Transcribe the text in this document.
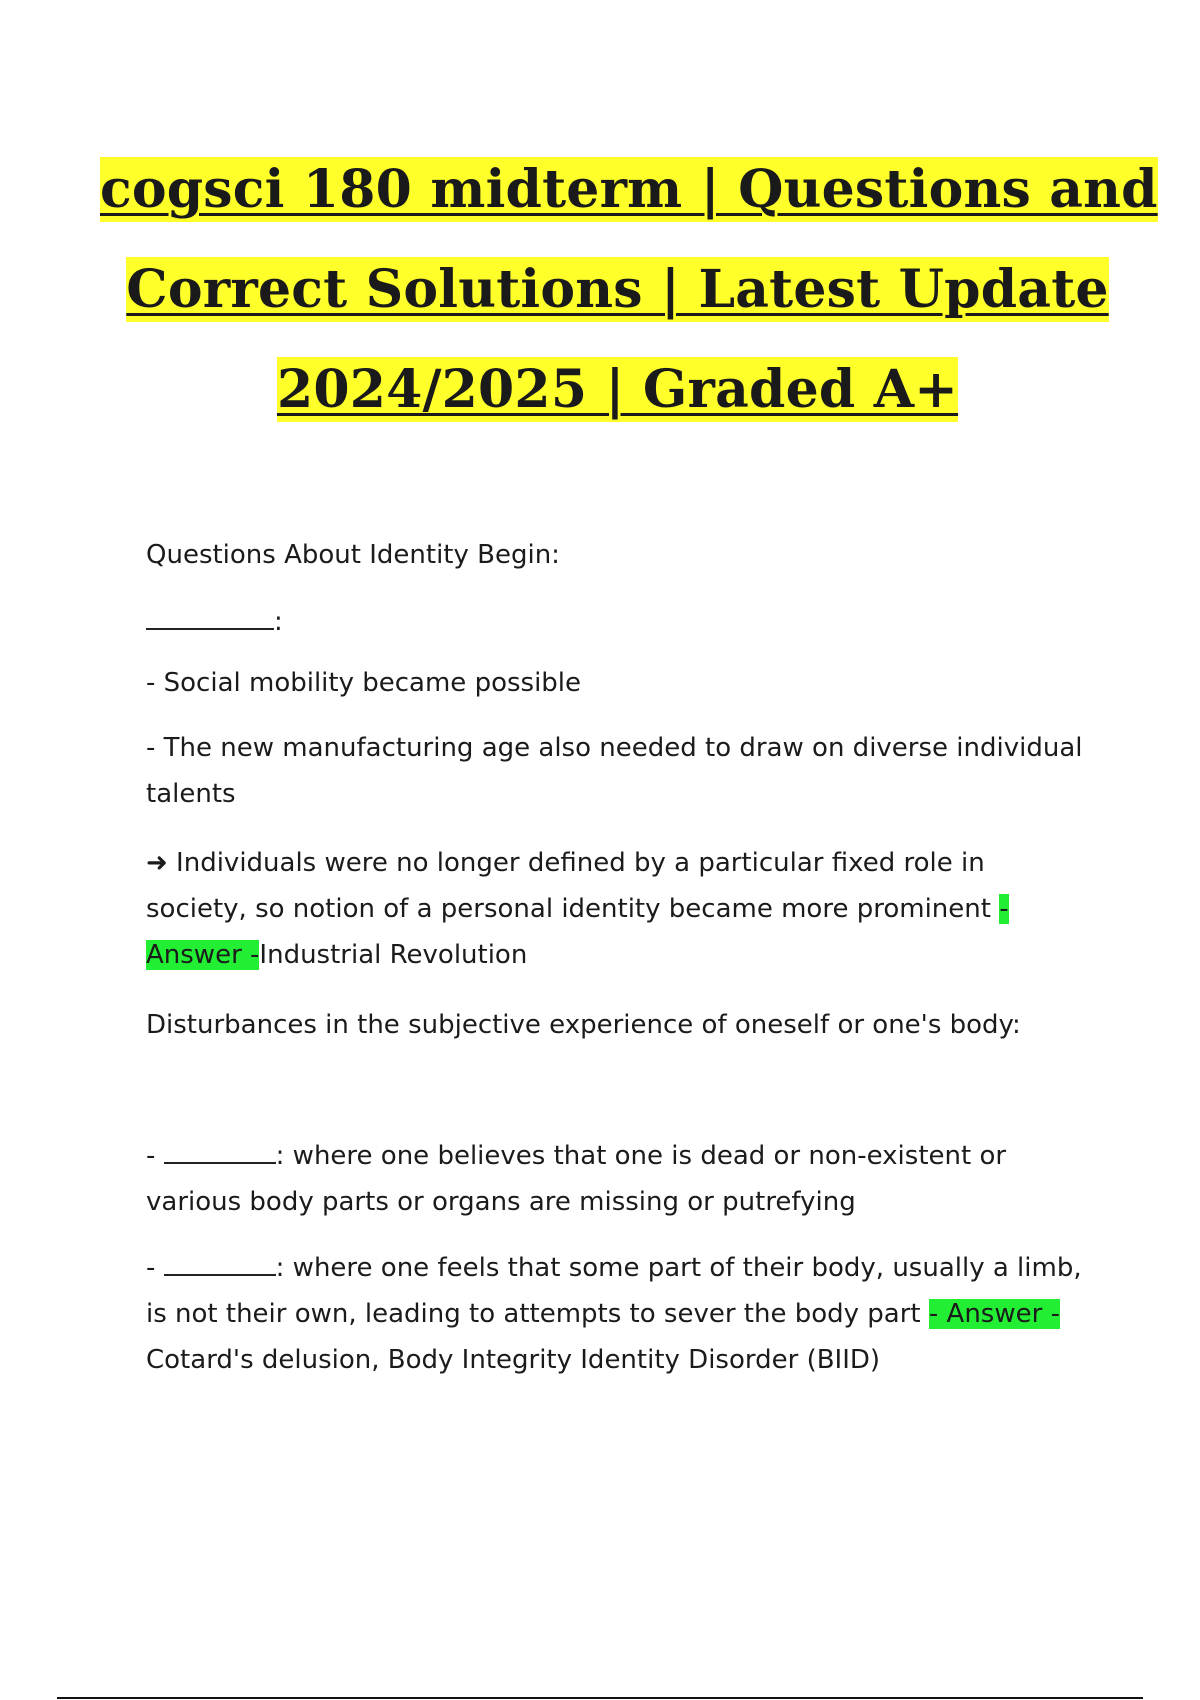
cogsci 180 midterm | Questions and
Correct Solutions | Latest Update
2024/2025 | Graded A+

Questions About Identity Begin:

:

- Social mobility became possible

- The new manufacturing age also needed to draw on diverse individual talents

➜ Individuals were no longer defined by a particular fixed role in society, so notion of a personal identity became more prominent - Answer -Industrial Revolution

Disturbances in the subjective experience of oneself or one's body:

-	: where one believes that one is dead or non-existent or various body parts or organs are missing or putrefying

-	: where one feels that some part of their body, usually a limb, is not their own, leading to attempts to sever the body part - Answer -
Cotard's delusion, Body Integrity Identity Disorder (BIID)
